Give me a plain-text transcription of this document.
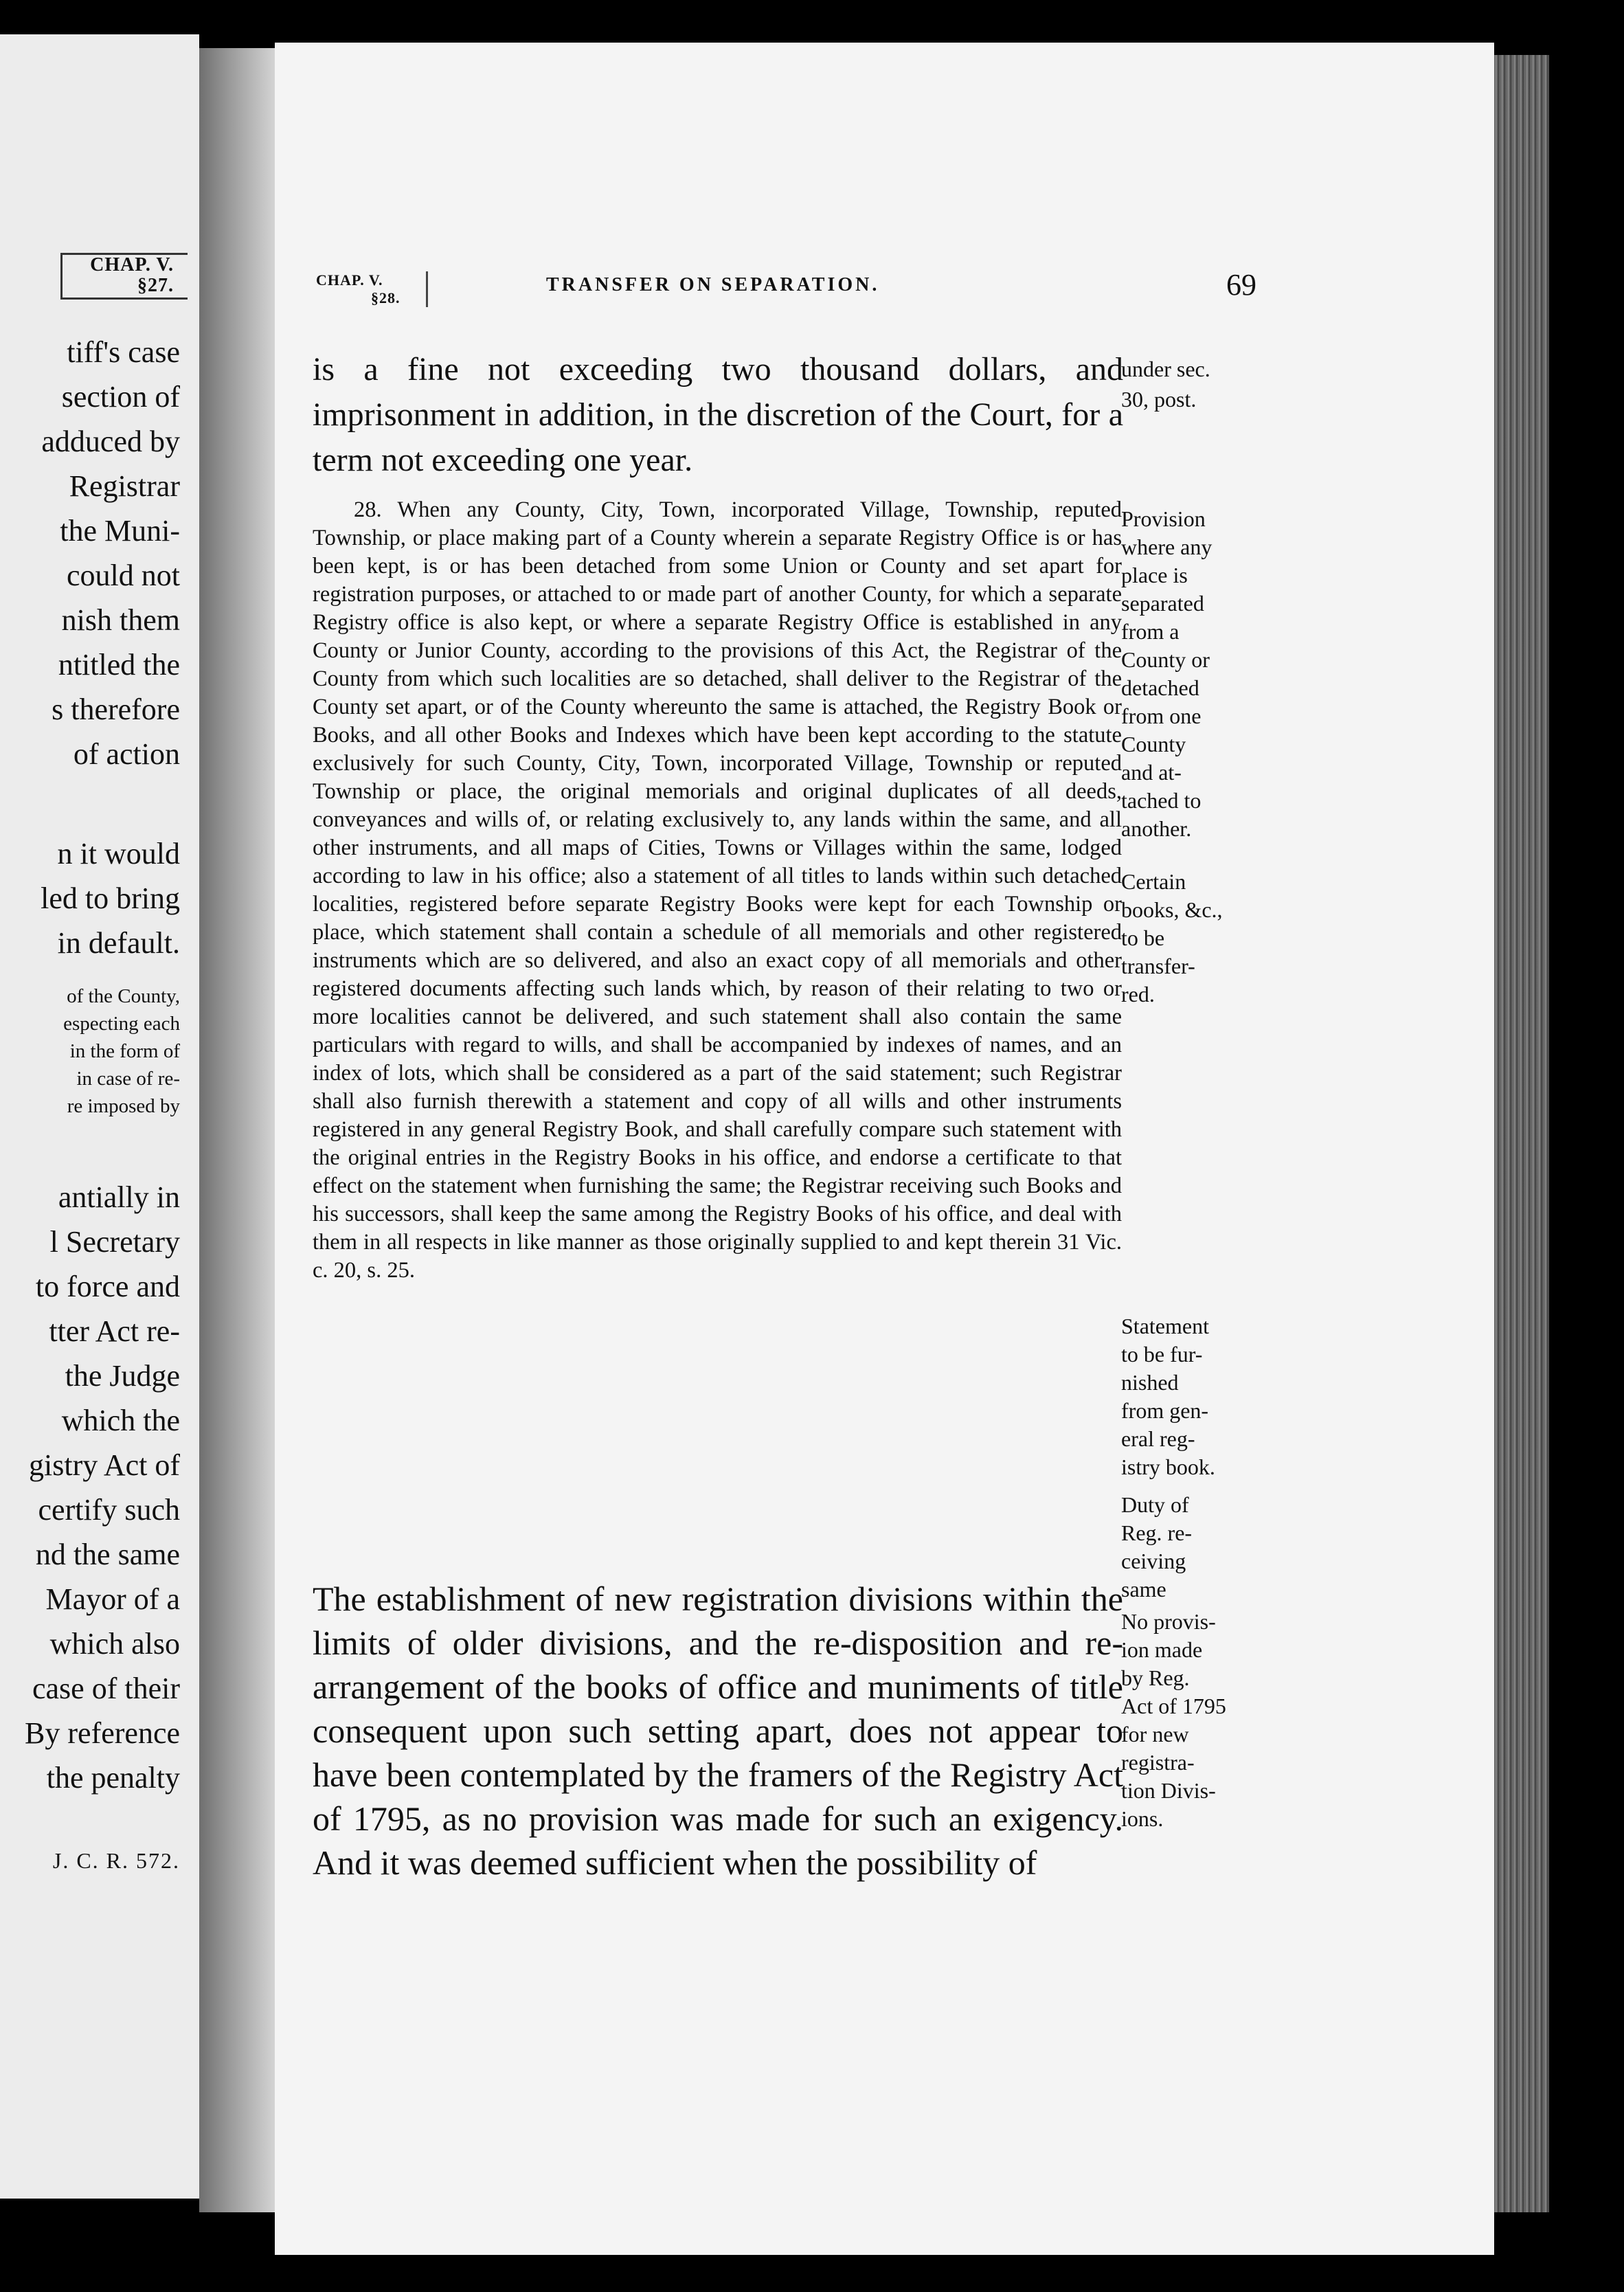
CHAP. V.
§27.
tiff's case
section of
adduced by
Registrar
the Muni-
could not
nish them
ntitled the
s therefore
of action
n it would
led to bring
in default.
of the County,
especting each
in the form of
in case of re-
re imposed by
antially in
l Secretary
to force and
tter Act re-
the Judge
which the
gistry Act of
certify such
nd the same
Mayor of a
which also
case of their
By reference
the penalty
J. C. R. 572.
CHAP. V.
§28.
TRANSFER ON SEPARATION.	69

is a fine not exceeding two thousand dollars, and imprisonment in addition, in the discretion of the Court, for a term not exceeding one year.

28. When any County, City, Town, incorporated Village, Township, reputed Township, or place making part of a County wherein a separate Registry Office is or has been kept, is or has been detached from some Union or County and set apart for registration purposes, or attached to or made part of another County, for which a separate Registry office is also kept, or where a separate Registry Office is established in any County or Junior County, according to the provisions of this Act, the Registrar of the County from which such localities are so detached, shall deliver to the Registrar of the County set apart, or of the County whereunto the same is attached, the Registry Book or Books, and all other Books and Indexes which have been kept according to the statute exclusively for such County, City, Town, incorporated Village, Township or reputed Township or place, the original memorials and original duplicates of all deeds, conveyances and wills of, or relating exclusively to, any lands within the same, and all other instruments, and all maps of Cities, Towns or Villages within the same, lodged according to law in his office; also a statement of all titles to lands within such detached localities, registered before separate Registry Books were kept for each Township or place, which statement shall contain a schedule of all memorials and other registered instruments which are so delivered, and also an exact copy of all memorials and other registered documents affecting such lands which, by reason of their relating to two or more localities cannot be delivered, and such statement shall also contain the same particulars with regard to wills, and shall be accompanied by indexes of names, and an index of lots, which shall be considered as a part of the said statement; such Registrar shall also furnish therewith a statement and copy of all wills and other instruments registered in any general Registry Book, and shall carefully compare such statement with the original entries in the Registry Books in his office, and endorse a certificate to that effect on the statement when furnishing the same; the Registrar receiving such Books and his successors, shall keep the same among the Registry Books of his office, and deal with them in all respects in like manner as those originally supplied to and kept therein 31 Vic. c. 20, s. 25.

The establishment of new registration divisions within the limits of older divisions, and the re-disposition and re-arrangement of the books of office and muniments of title consequent upon such setting apart, does not appear to have been contemplated by the framers of the Registry Act of 1795, as no provision was made for such an exigency. And it was deemed sufficient when the possibility of

under sec.
30, post.
Provision
where any
place is
separated
from a
County or
detached
from one
County
and at-
tached to
another.
Certain
books, &c.,
to be
transfer-
red.
Statement
to be fur-
nished
from gen-
eral reg-
istry book.
Duty of
Reg. re-
ceiving
same
No provis-
ion made
by Reg.
Act of 1795
for new
registra-
tion Divis-
ions.
